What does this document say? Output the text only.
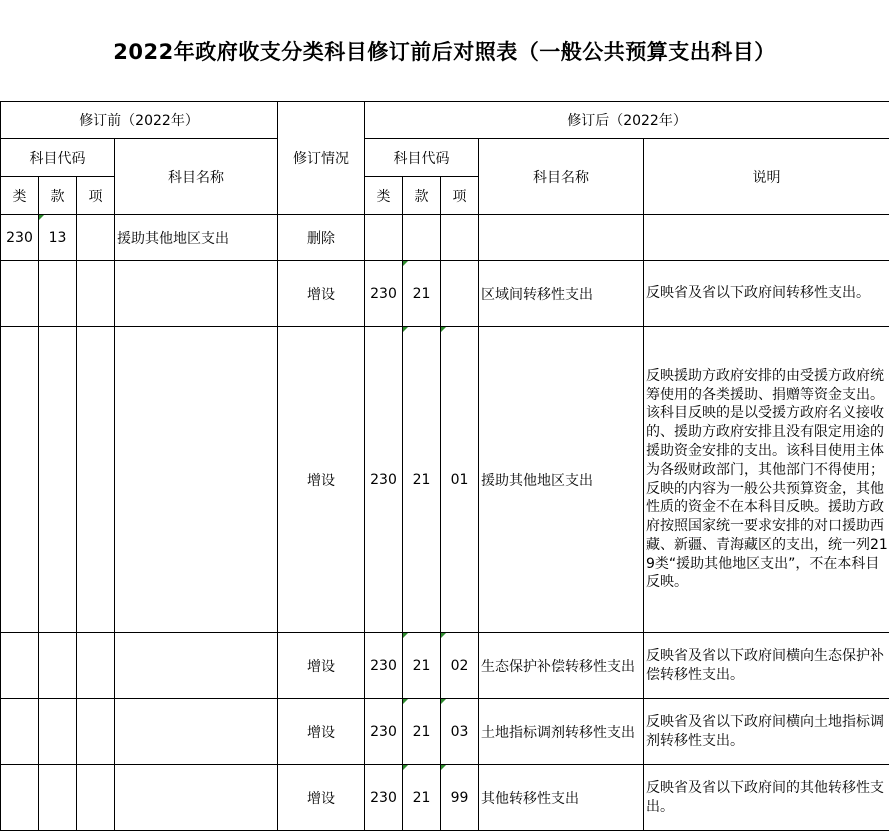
2022年政府收支分类科目修订前后对照表（一般公共预算支出科目）
修订前（2022年）				修订情况	修订后（2022年）				
科目代码			科目名称		科目代码			科目名称	说明
类	款	项			类	款	项		
230	13		援助其他地区支出	删除					
				增设	230	21		区域间转移性支出	反映省及省以下政府间转移性支出。
				增设	230	21	01	援助其他地区支出	反映援助方政府安排的由受援方政府统筹使用的各类援助、捐赠等资金支出。该科目反映的是以受援方政府名义接收的、援助方政府安排且没有限定用途的援助资金安排的支出。该科目使用主体为各级财政部门，其他部门不得使用；反映的内容为一般公共预算资金，其他性质的资金不在本科目反映。援助方政府按照国家统一要求安排的对口援助西藏、新疆、青海藏区的支出，统一列219类“援助其他地区支出”，不在本科目反映。
				增设	230	21	02	生态保护补偿转移性支出	反映省及省以下政府间横向生态保护补偿转移性支出。
				增设	230	21	03	土地指标调剂转移性支出	反映省及省以下政府间横向土地指标调剂转移性支出。
				增设	230	21	99	其他转移性支出	反映省及省以下政府间的其他转移性支出。
